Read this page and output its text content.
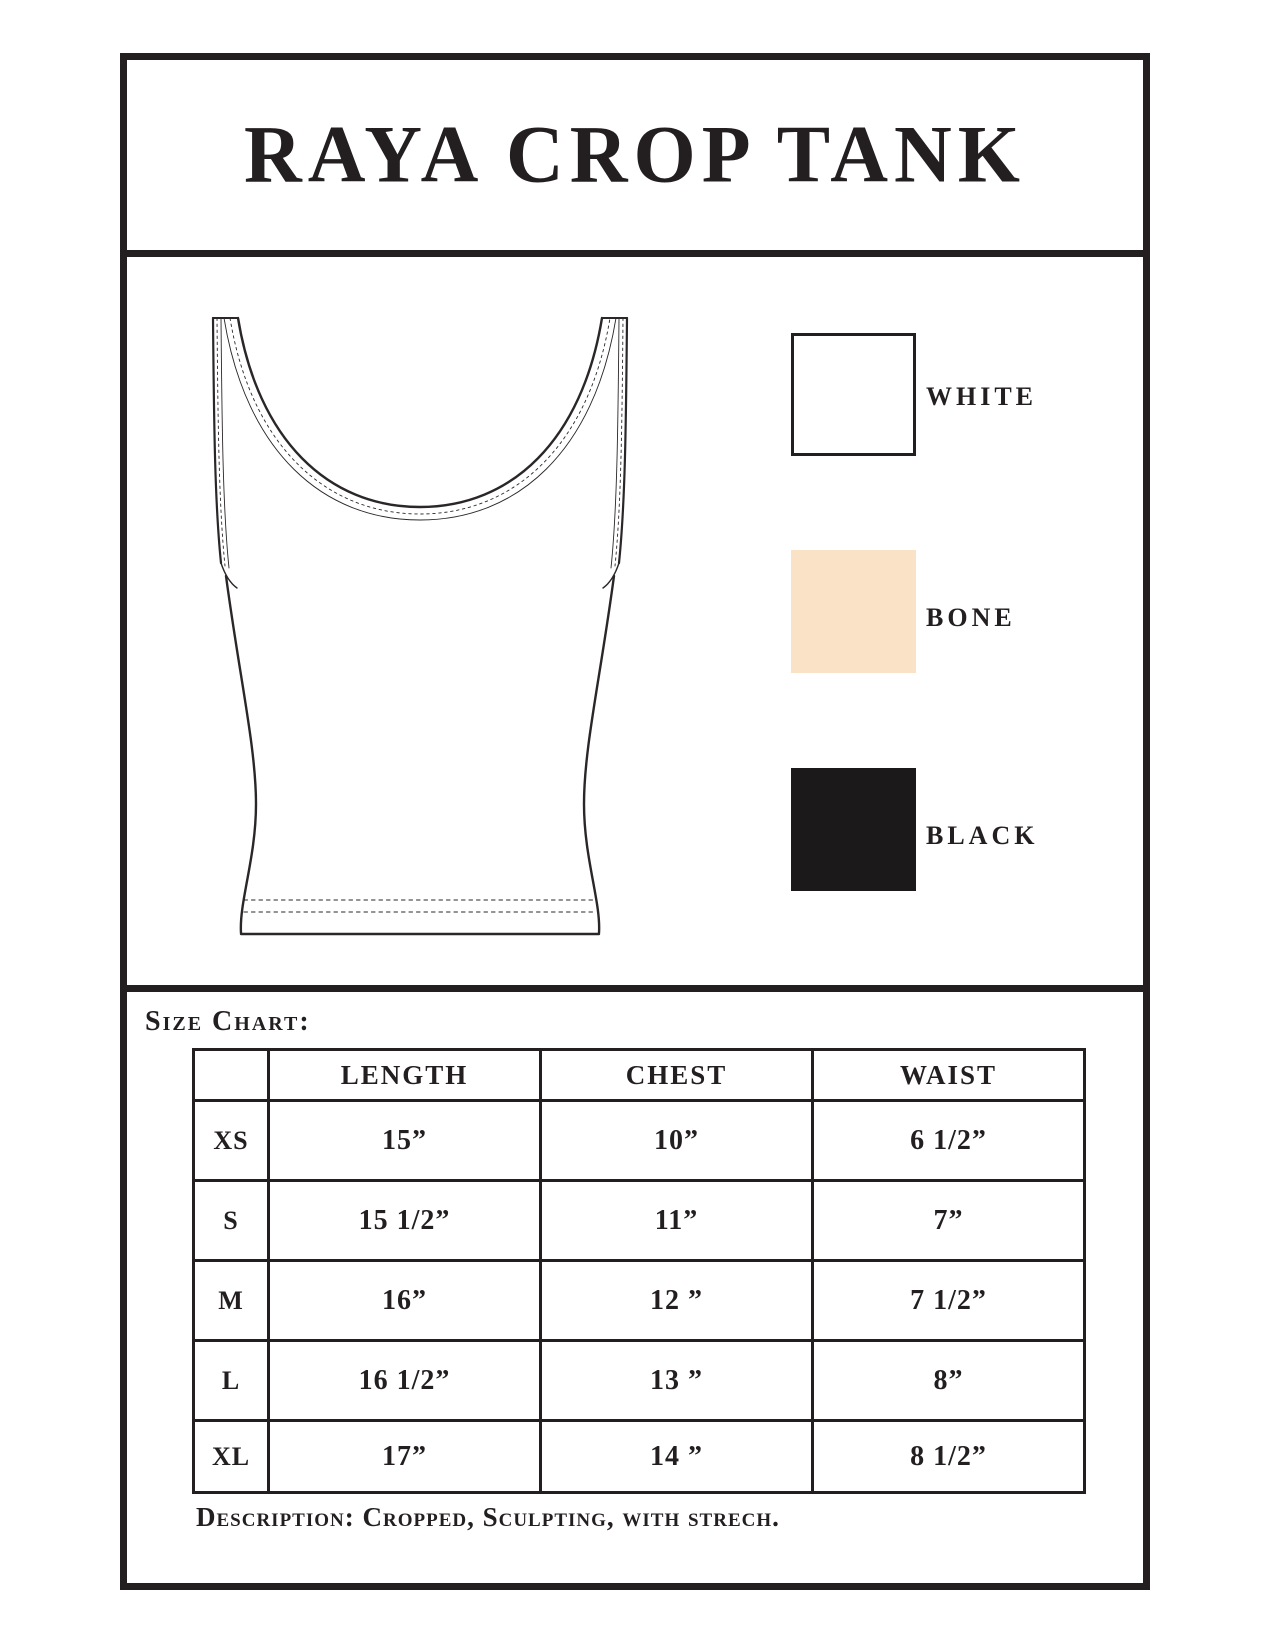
RAYA CROP TANK
WHITE
BONE
BLACK
Size Chart:
	LENGTH	CHEST	WAIST
XS	15”	10”	6 1/2”
S	15 1/2”	11”	7”
M	16”	12 ”	7 1/2”
L	16 1/2”	13 ”	8”
XL	17”	14 ”	8 1/2”
Description: Cropped, Sculpting, with strech.
